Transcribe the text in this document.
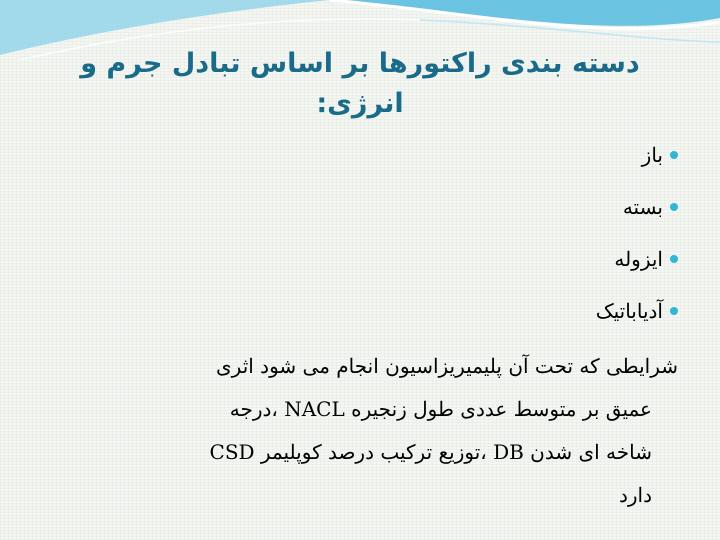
دسته بندی راکتورها بر اساس تبادل جرم و
انرژی:
باز
بسته
ایزوله
آدیاباتیک
شرایطی که تحت آن پلیمیریزاسیون انجام می شود اثری
عمیق بر متوسط عددی طول زنجیره NACL ،درجه
شاخه ای شدن DB ،توزیع ترکیب درصد کوپلیمر CSD
دارد
